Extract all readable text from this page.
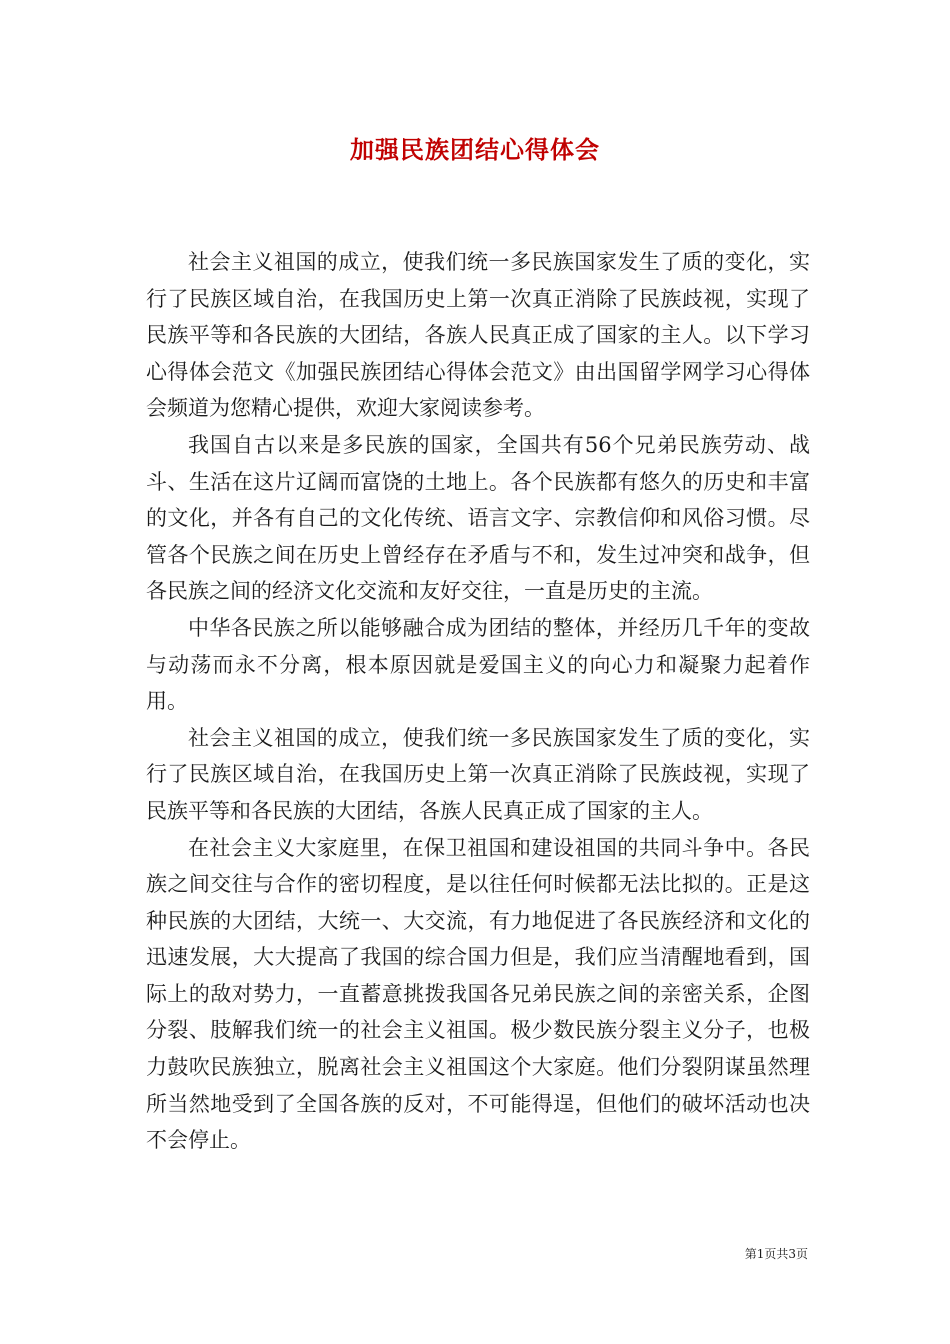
加强民族团结心得体会

社会主义祖国的成立，使我们统一多民族国家发生了质的变化，实行了民族区域自治，在我国历史上第一次真正消除了民族歧视，实现了民族平等和各民族的大团结，各族人民真正成了国家的主人。以下学习心得体会范文《加强民族团结心得体会范文》由出国留学网学习心得体会频道为您精心提供，欢迎大家阅读参考。

我国自古以来是多民族的国家，全国共有56个兄弟民族劳动、战斗、生活在这片辽阔而富饶的土地上。各个民族都有悠久的历史和丰富的文化，并各有自己的文化传统、语言文字、宗教信仰和风俗习惯。尽管各个民族之间在历史上曾经存在矛盾与不和，发生过冲突和战争，但各民族之间的经济文化交流和友好交往，一直是历史的主流。

中华各民族之所以能够融合成为团结的整体，并经历几千年的变故与动荡而永不分离，根本原因就是爱国主义的向心力和凝聚力起着作用。

社会主义祖国的成立，使我们统一多民族国家发生了质的变化，实行了民族区域自治，在我国历史上第一次真正消除了民族歧视，实现了民族平等和各民族的大团结，各族人民真正成了国家的主人。

在社会主义大家庭里，在保卫祖国和建设祖国的共同斗争中。各民族之间交往与合作的密切程度，是以往任何时候都无法比拟的。正是这种民族的大团结，大统一、大交流，有力地促进了各民族经济和文化的迅速发展，大大提高了我国的综合国力但是，我们应当清醒地看到，国际上的敌对势力，一直蓄意挑拨我国各兄弟民族之间的亲密关系，企图分裂、肢解我们统一的社会主义祖国。极少数民族分裂主义分子，也极力鼓吹民族独立，脱离社会主义祖国这个大家庭。他们分裂阴谋虽然理所当然地受到了全国各族的反对，不可能得逞，但他们的破坏活动也决不会停止。

第1页共3页
